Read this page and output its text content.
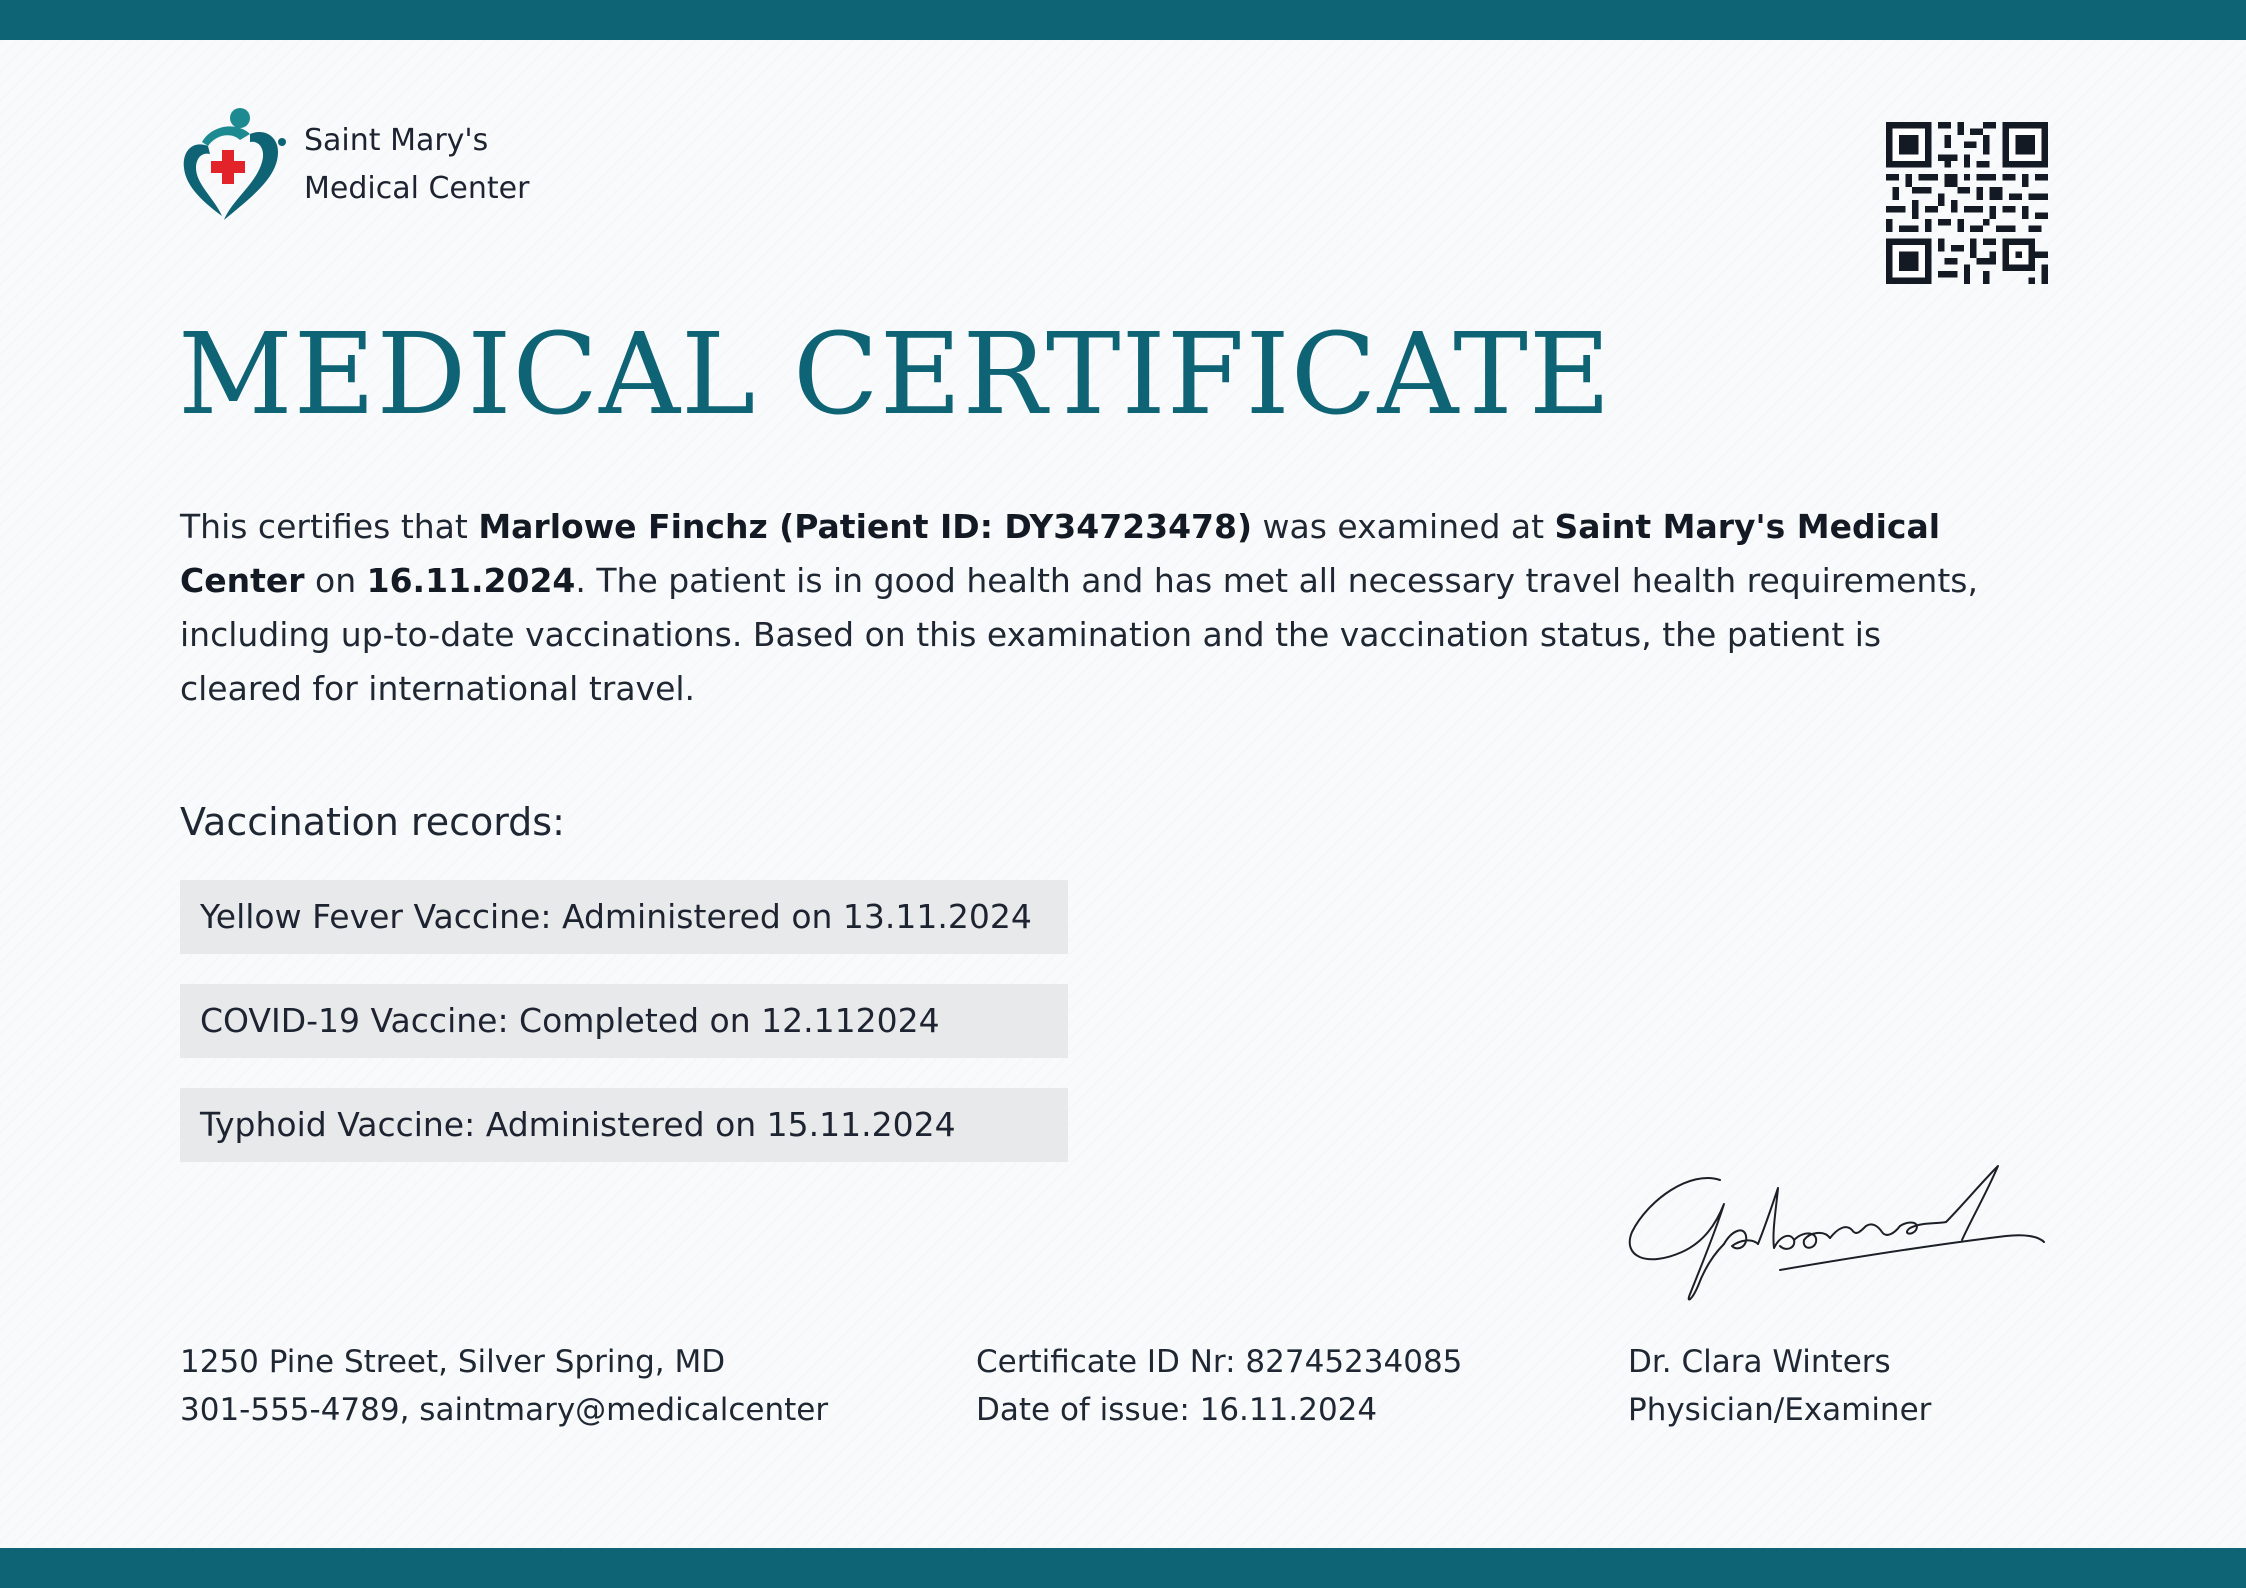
Saint Mary's
Medical Center
MEDICAL CERTIFICATE
This certifies that Marlowe Finchz (Patient ID: DY34723478) was examined at Saint Mary's Medical Center on 16.11.2024. The patient is in good health and has met all necessary travel health requirements, including up-to-date vaccinations. Based on this examination and the vaccination status, the patient is cleared for international travel.
Vaccination records:
Yellow Fever Vaccine: Administered on 13.11.2024
COVID-19 Vaccine: Completed on 12.112024
Typhoid Vaccine: Administered on 15.11.2024
1250 Pine Street, Silver Spring, MD
301-555-4789, saintmary@medicalcenter
Certificate ID Nr: 82745234085
Date of issue: 16.11.2024
Dr. Clara Winters
Physician/Examiner
